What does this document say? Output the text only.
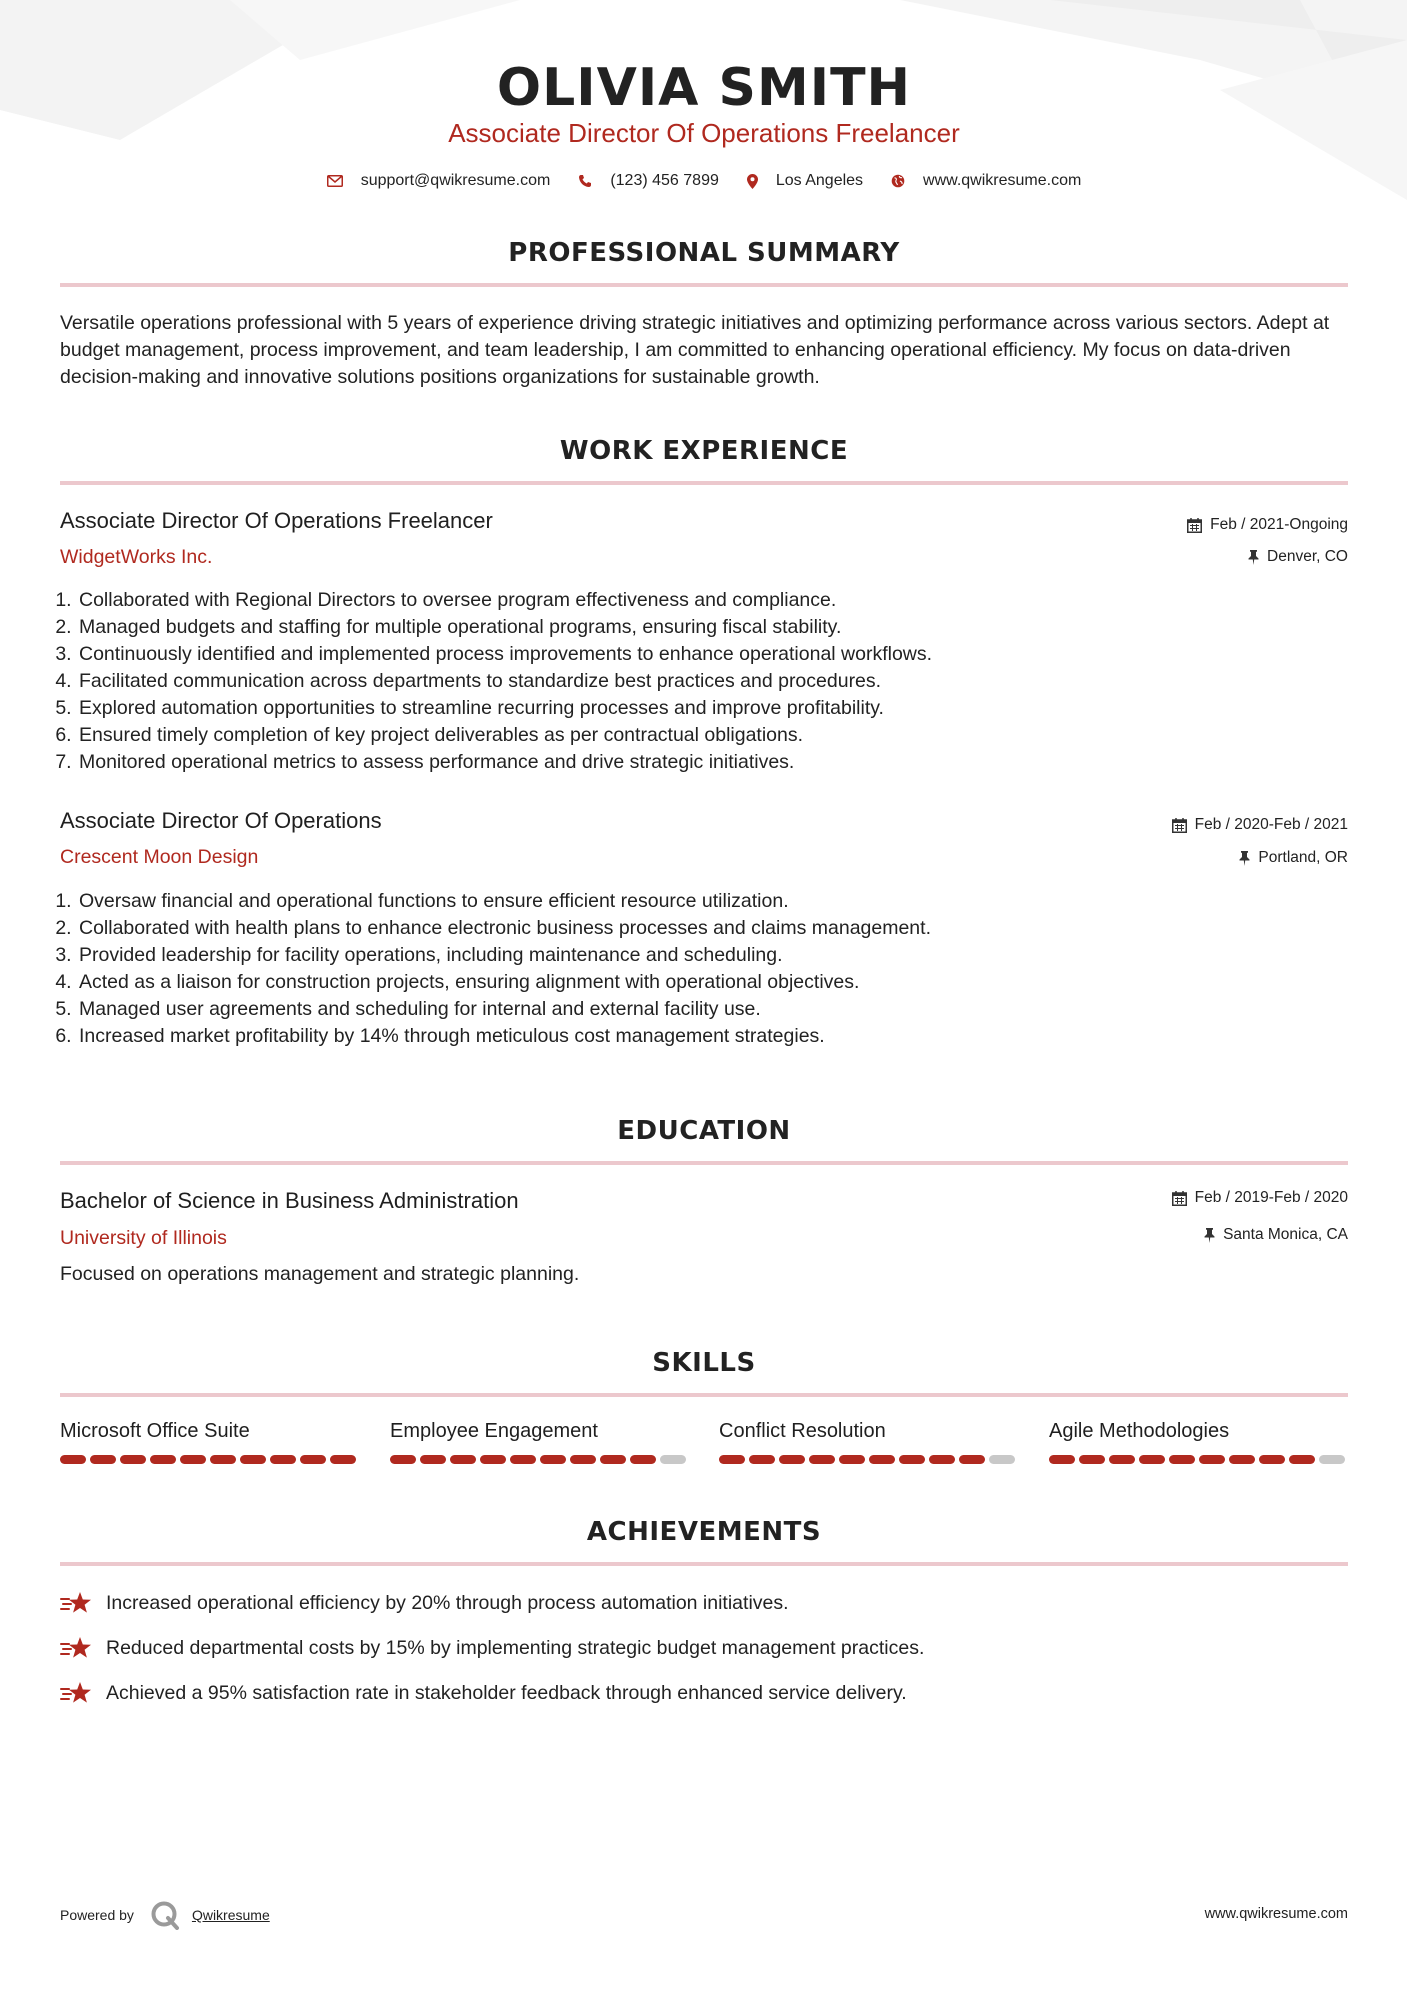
OLIVIA SMITH
Associate Director Of Operations Freelancer
support@qwikresume.com	(123) 456 7899	Los Angeles	www.qwikresume.com
PROFESSIONAL SUMMARY
Versatile operations professional with 5 years of experience driving strategic initiatives and optimizing performance across various sectors. Adept at budget management, process improvement, and team leadership, I am committed to enhancing operational efficiency. My focus on data-driven decision-making and innovative solutions positions organizations for sustainable growth.
WORK EXPERIENCE
Associate Director Of Operations Freelancer
WidgetWorks Inc.
Feb / 2021-Ongoing
Denver, CO
1. Collaborated with Regional Directors to oversee program effectiveness and compliance.
2. Managed budgets and staffing for multiple operational programs, ensuring fiscal stability.
3. Continuously identified and implemented process improvements to enhance operational workflows.
4. Facilitated communication across departments to standardize best practices and procedures.
5. Explored automation opportunities to streamline recurring processes and improve profitability.
6. Ensured timely completion of key project deliverables as per contractual obligations.
7. Monitored operational metrics to assess performance and drive strategic initiatives.
Associate Director Of Operations
Crescent Moon Design
Feb / 2020-Feb / 2021
Portland, OR
1. Oversaw financial and operational functions to ensure efficient resource utilization.
2. Collaborated with health plans to enhance electronic business processes and claims management.
3. Provided leadership for facility operations, including maintenance and scheduling.
4. Acted as a liaison for construction projects, ensuring alignment with operational objectives.
5. Managed user agreements and scheduling for internal and external facility use.
6. Increased market profitability by 14% through meticulous cost management strategies.
EDUCATION
Bachelor of Science in Business Administration
University of Illinois
Feb / 2019-Feb / 2020
Santa Monica, CA
Focused on operations management and strategic planning.
SKILLS
Microsoft Office Suite	Employee Engagement	Conflict Resolution	Agile Methodologies
ACHIEVEMENTS
Increased operational efficiency by 20% through process automation initiatives.
Reduced departmental costs by 15% by implementing strategic budget management practices.
Achieved a 95% satisfaction rate in stakeholder feedback through enhanced service delivery.
Powered by	Qwikresume	www.qwikresume.com
